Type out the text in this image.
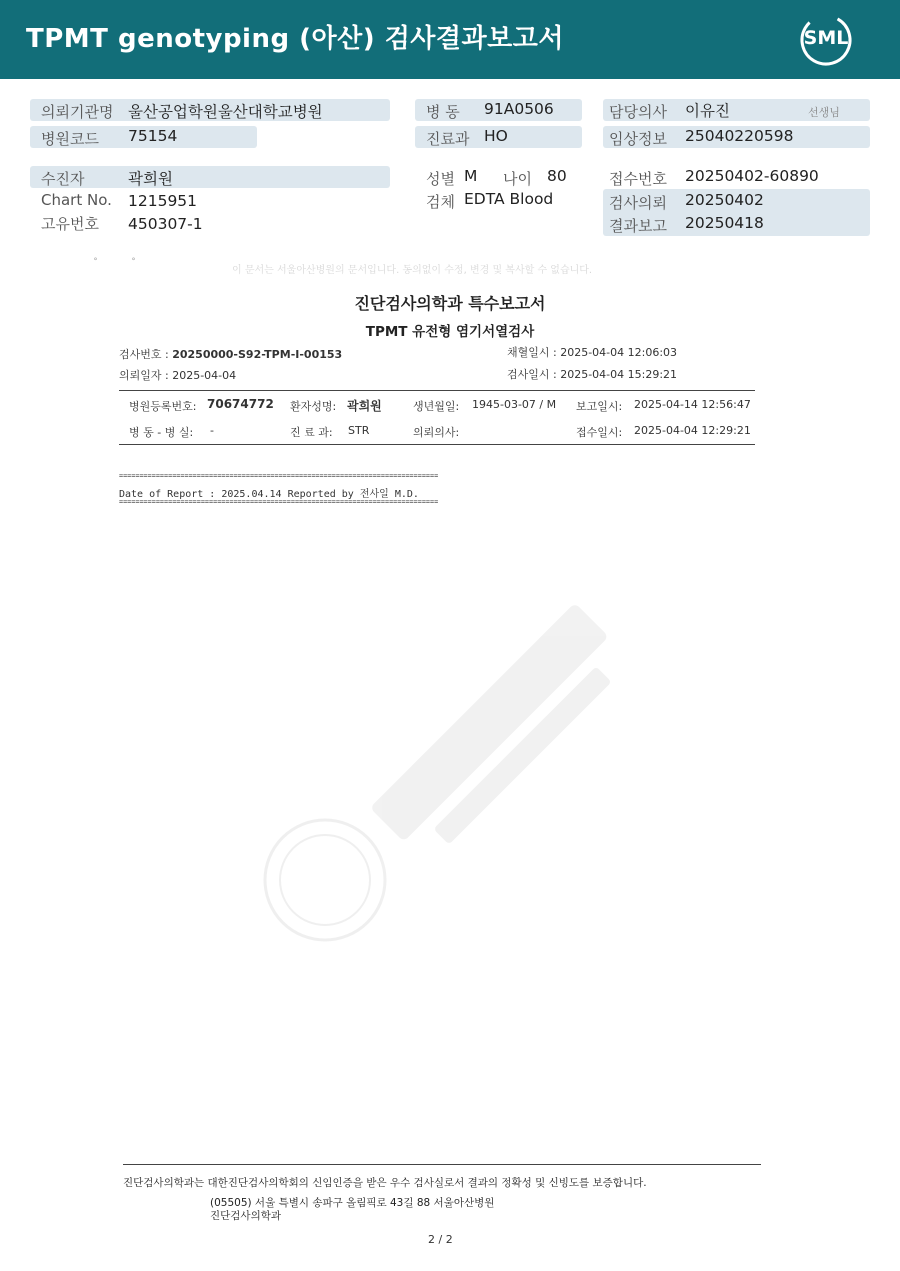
TPMT genotyping (아산) 검사결과보고서	SML
의뢰기관명 울산공업학원울산대학교병원
병원코드 75154
병 동 91A0506
진료과 HO
담당의사 이유진	선생님
임상정보 25040220598
수진자	곽희원
Chart No. 1215951
고유번호 450307-1
성별 M 나이 80
검체 EDTA Blood
접수번호 20250402-60890
검사의뢰 20250402
결과보고 20250418
˚	˚
이 문서는 서울아산병원의 문서입니다. 동의없이 수정, 변경 및 복사할 수 없습니다.
진단검사의학과 특수보고서
TPMT 유전형 염기서열검사
검사번호 : 20250000-S92-TPM-I-00153
의뢰일자 : 2025-04-04
채혈일시 : 2025-04-04 12:06:03
검사일시 : 2025-04-04 15:29:21
병원등록번호: 70674772 환자성명: 곽희원	생년월일: 1945-03-07 / M 보고일시: 2025-04-14 12:56:47
병 동 - 병 실: -	진 료 과: STR	의뢰의사:	접수일시: 2025-04-04 12:29:21
==============================================================================
Date of Report : 2025.04.14 Reported by 전사일 M.D.
==============================================================================
진단검사의학과는 대한진단검사의학회의 신임인증을 받은 우수 검사실로서 결과의 정확성 및 신빙도를 보증합니다.
(05505) 서울 특별시 송파구 올림픽로 43길 88 서울아산병원
진단검사의학과
2 / 2
